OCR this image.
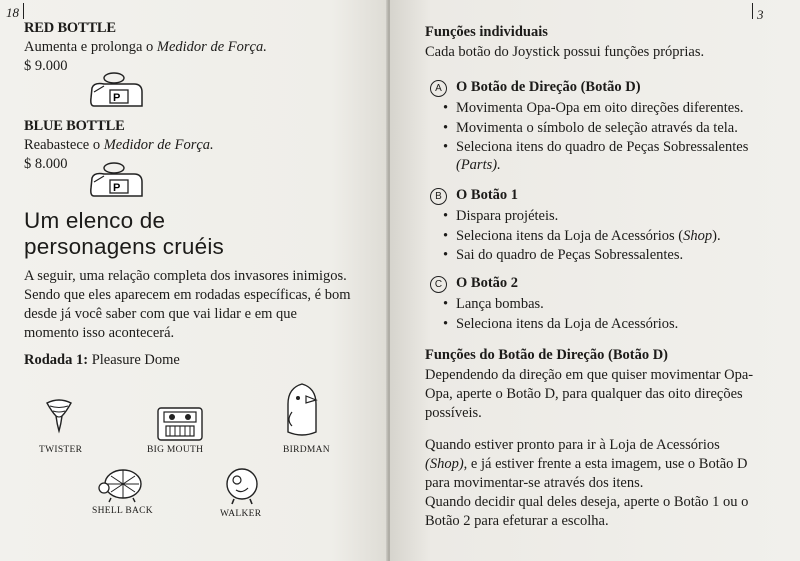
18
RED BOTTLE
Aumenta e prolonga o Medidor de Força.
$ 9.000
P
BLUE BOTTLE
Reabastece o Medidor de Força.
$ 8.000
P
Um elenco de
personagens cruéis
A seguir, uma relação completa dos invasores inimigos.
Sendo que eles aparecem em rodadas específicas, é bom
desde já você saber com que vai lidar e em que
momento isso acontecerá.
Rodada 1: Pleasure Dome
TWISTER	BIG MOUTH	BIRDMAN
SHELL BACK	WALKER
3
Funções individuais
Cada botão do Joystick possui funções próprias.
A O Botão de Direção (Botão D)
• Movimenta Opa-Opa em oito direções diferentes.
• Movimenta o símbolo de seleção através da tela.
• Seleciona itens do quadro de Peças Sobressalentes
(Parts).
B O Botão 1
• Dispara projéteis.
• Seleciona itens da Loja de Acessórios (Shop).
• Sai do quadro de Peças Sobressalentes.
C O Botão 2
• Lança bombas.
• Seleciona itens da Loja de Acessórios.
Funções do Botão de Direção (Botão D)
Dependendo da direção em que quiser movimentar Opa-
Opa, aperte o Botão D, para qualquer das oito direções
possíveis.
Quando estiver pronto para ir à Loja de Acessórios
(Shop), e já estiver frente a esta imagem, use o Botão D
para movimentar-se através dos itens.
Quando decidir qual deles deseja, aperte o Botão 1 ou o
Botão 2 para efeturar a escolha.
